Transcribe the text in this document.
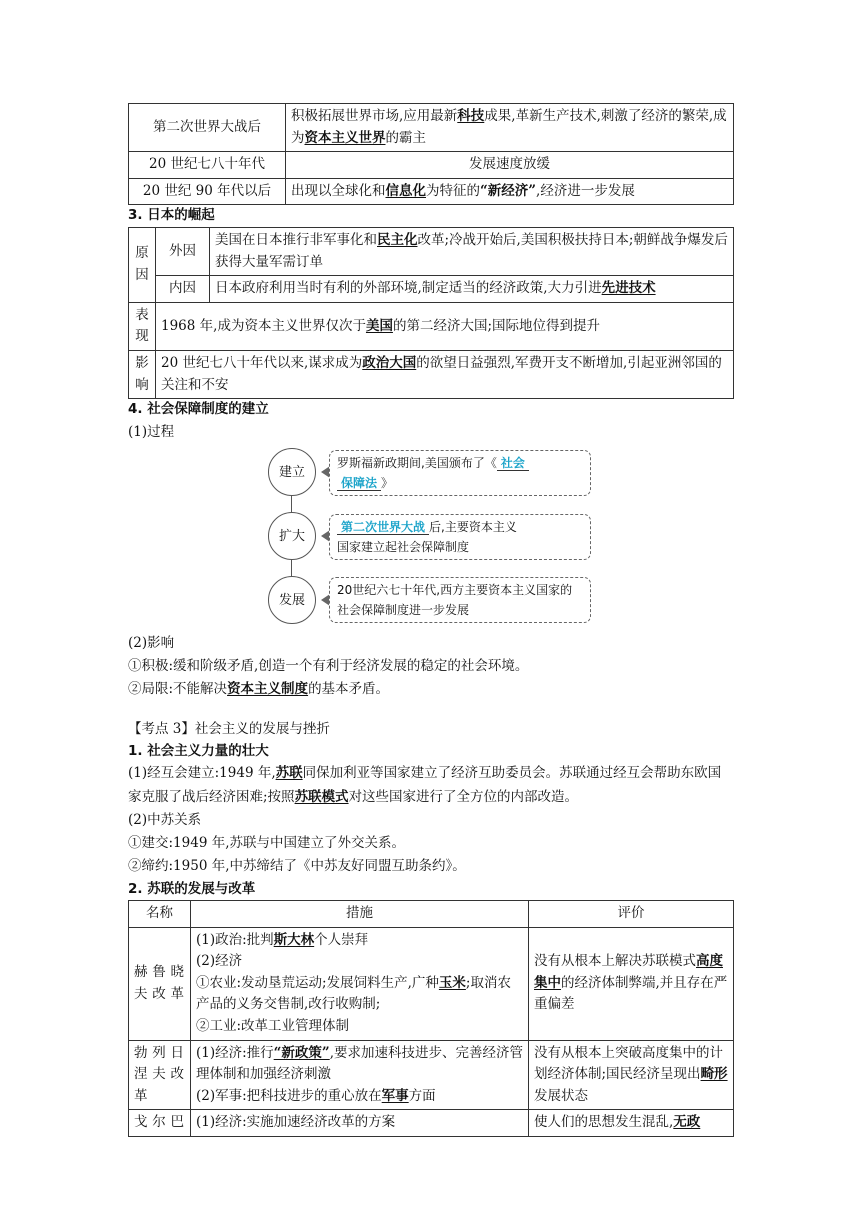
第二次世界大战后	积极拓展世界市场,应用最新科技成果,革新生产技术,刺激了经济的繁荣,成为资本主义世界的霸主
20 世纪七八十年代	发展速度放缓
20 世纪 90 年代以后	出现以全球化和信息化为特征的“新经济”,经济进一步发展
3. 日本的崛起
原因	外因	美国在日本推行非军事化和民主化改革;冷战开始后,美国积极扶持日本;朝鲜战争爆发后获得大量军需订单
	内因	日本政府利用当时有利的外部环境,制定适当的经济政策,大力引进先进技术
表现	1968 年,成为资本主义世界仅次于美国的第二经济大国;国际地位得到提升	
影响	20 世纪七八十年代以来,谋求成为政治大国的欲望日益强烈,军费开支不断增加,引起亚洲邻国的关注和不安	
4. 社会保障制度的建立

(1)过程

建立
扩大
发展
罗斯福新政期间,美国颁布了《 社会
保障法 》
第二次世界大战 后,主要资本主义
国家建立起社会保障制度
20世纪六七十年代,西方主要资本主义国家的社会保障制度进一步发展

(2)影响

①积极:缓和阶级矛盾,创造一个有利于经济发展的稳定的社会环境。

②局限:不能解决资本主义制度的基本矛盾。

【考点 3】社会主义的发展与挫折

1. 社会主义力量的壮大

(1)经互会建立:1949 年,苏联同保加利亚等国家建立了经济互助委员会。苏联通过经互会帮助东欧国家克服了战后经济困难;按照苏联模式对这些国家进行了全方位的内部改造。

(2)中苏关系

①建交:1949 年,苏联与中国建立了外交关系。

②缔约:1950 年,中苏缔结了《中苏友好同盟互助条约》。

2. 苏联的发展与改革
名称	措施	评价
赫鲁晓夫改革	(1)政治:批判斯大林个人崇拜
(2)经济
①农业:发动垦荒运动;发展饲料生产,广种玉米;取消农产品的义务交售制,改行收购制;
②工业:改革工业管理体制	没有从根本上解决苏联模式高度集中的经济体制弊端,并且存在严重偏差
勃列日涅夫改革	(1)经济:推行“新政策”,要求加速科技进步、完善经济管理体制和加强经济刺激
(2)军事:把科技进步的重心放在军事方面	没有从根本上突破高度集中的计划经济体制;国民经济呈现出畸形发展状态
戈尔巴	(1)经济:实施加速经济改革的方案	使人们的思想发生混乱,无政
